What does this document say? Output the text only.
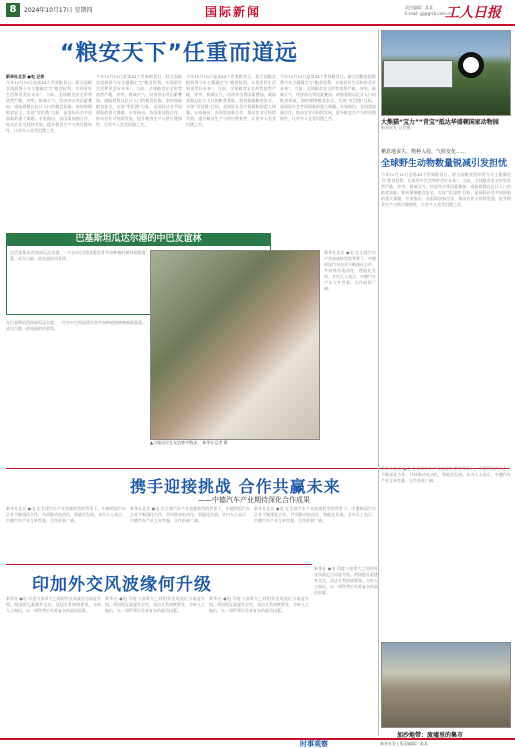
8	2024年10月17日 星期四	国际新闻	责任编辑：某某
E-mail: gj@grrb.com.cn
工人日报
“粮安天下”任重而道远
新华社北京 ●电 记者
今年10月16日是第44个世界粮食日。联合国粮农组织将今年主题确定为“粮食权利，实现更好生活和更美好未来”。当前，全球粮食安全形势依然严峻，冲突、极端天气、经济冲击等因素叠加，威胁着数以亿计人口的粮食获取。如何保障粮食安全，实现“零饥饿”目标，是国际社会共同面临的重大课题。专家指出，各国需加强合作，推动农业可持续发展，提升粮食生产与供应链韧性，让更多人免受饥饿之苦。
今年10月16日是第44个世界粮食日。联合国粮农组织将今年主题确定为“粮食权利，实现更好生活和更美好未来”。当前，全球粮食安全形势依然严峻，冲突、极端天气、经济冲击等因素叠加，威胁着数以亿计人口的粮食获取。如何保障粮食安全，实现“零饥饿”目标，是国际社会共同面临的重大课题。专家指出，各国需加强合作，推动农业可持续发展，提升粮食生产与供应链韧性，让更多人免受饥饿之苦。
今年10月16日是第44个世界粮食日。联合国粮农组织将今年主题确定为“粮食权利，实现更好生活和更美好未来”。当前，全球粮食安全形势依然严峻，冲突、极端天气、经济冲击等因素叠加，威胁着数以亿计人口的粮食获取。如何保障粮食安全，实现“零饥饿”目标，是国际社会共同面临的重大课题。专家指出，各国需加强合作，推动农业可持续发展，提升粮食生产与供应链韧性，让更多人免受饥饿之苦。
今年10月16日是第44个世界粮食日。联合国粮农组织将今年主题确定为“粮食权利，实现更好生活和更美好未来”。当前，全球粮食安全形势依然严峻，冲突、极端天气、经济冲击等因素叠加，威胁着数以亿计人口的粮食获取。如何保障粮食安全，实现“零饥饿”目标，是国际社会共同面临的重大课题。专家指出，各国需加强合作，推动农业可持续发展，提升粮食生产与供应链韧性，让更多人免受饥饿之苦。
大熊猫“宝力”“青宝”抵达华盛顿国家动物园
新华社发 记者摄
栖息地丧失、物种入侵、气候变化……
全球野生动物数量锐减引发担忧
今年10月16日是第44个世界粮食日。联合国粮农组织将今年主题确定为“粮食权利，实现更好生活和更美好未来”。当前，全球粮食安全形势依然严峻，冲突、极端天气、经济冲击等因素叠加，威胁着数以亿计人口的粮食获取。如何保障粮食安全，实现“零饥饿”目标，是国际社会共同面临的重大课题。专家指出，各国需加强合作，推动农业可持续发展，提升粮食生产与供应链韧性，让更多人免受饥饿之苦。
巴基斯坦瓜达尔港的中巴友谊林
在巴基斯坦西南部瓜达尔港，一片由中巴两国建设者共同种植的树林郁郁葱葱，成为当地一道亮丽的风景线。
▲当地居民在友谊林中散步。 新华社记者 摄
在巴基斯坦西南部瓜达尔港，一片由中巴两国建设者共同种植的树林郁郁葱葱，成为当地一道亮丽的风景线。
新华社北京 ●电 在全球汽车产业加速转型的背景下，中德两国汽车企业不断深化合作，共同推动电动化、智能化发展。业内人士表示，中德汽车产业互补性强，合作前景广阔。
携手迎接挑战 合作共赢未来
——中德汽车产业期待深化合作成果
新华社北京 ●电 在全球汽车产业加速转型的背景下，中德两国汽车企业不断深化合作，共同推动电动化、智能化发展。业内人士表示，中德汽车产业互补性强，合作前景广阔。
新华社北京 ●电 在全球汽车产业加速转型的背景下，中德两国汽车企业不断深化合作，共同推动电动化、智能化发展。业内人士表示，中德汽车产业互补性强，合作前景广阔。
新华社北京 ●电 在全球汽车产业加速转型的背景下，中德两国汽车企业不断深化合作，共同推动电动化、智能化发展。业内人士表示，中德汽车产业互补性强，合作前景广阔。
印加外交风波缘何升级
新华社 ●电 印度与加拿大之间的外交风波近日再度升级。两国相互驱逐外交官，双边关系持续紧张。分析人士指出，这一事件背后有着复杂的政治因素。
新华社 ●电 印度与加拿大之间的外交风波近日再度升级。两国相互驱逐外交官，双边关系持续紧张。分析人士指出，这一事件背后有着复杂的政治因素。
新华社 ●电 印度与加拿大之间的外交风波近日再度升级。两国相互驱逐外交官，双边关系持续紧张。分析人士指出，这一事件背后有着复杂的政治因素。
新华社 ●电 印度与加拿大之间的外交风波近日再度升级。两国相互驱逐外交官，双边关系持续紧张。分析人士指出，这一事件背后有着复杂的政治因素。
新华社北京 ●电 在全球汽车产业加速转型的背景下，中德两国汽车企业不断深化合作，共同推动电动化、智能化发展。业内人士表示，中德汽车产业互补性强，合作前景广阔。
加沙地带：废墟里的集市
时事观察	新华社发 | 版面编辑：某某
